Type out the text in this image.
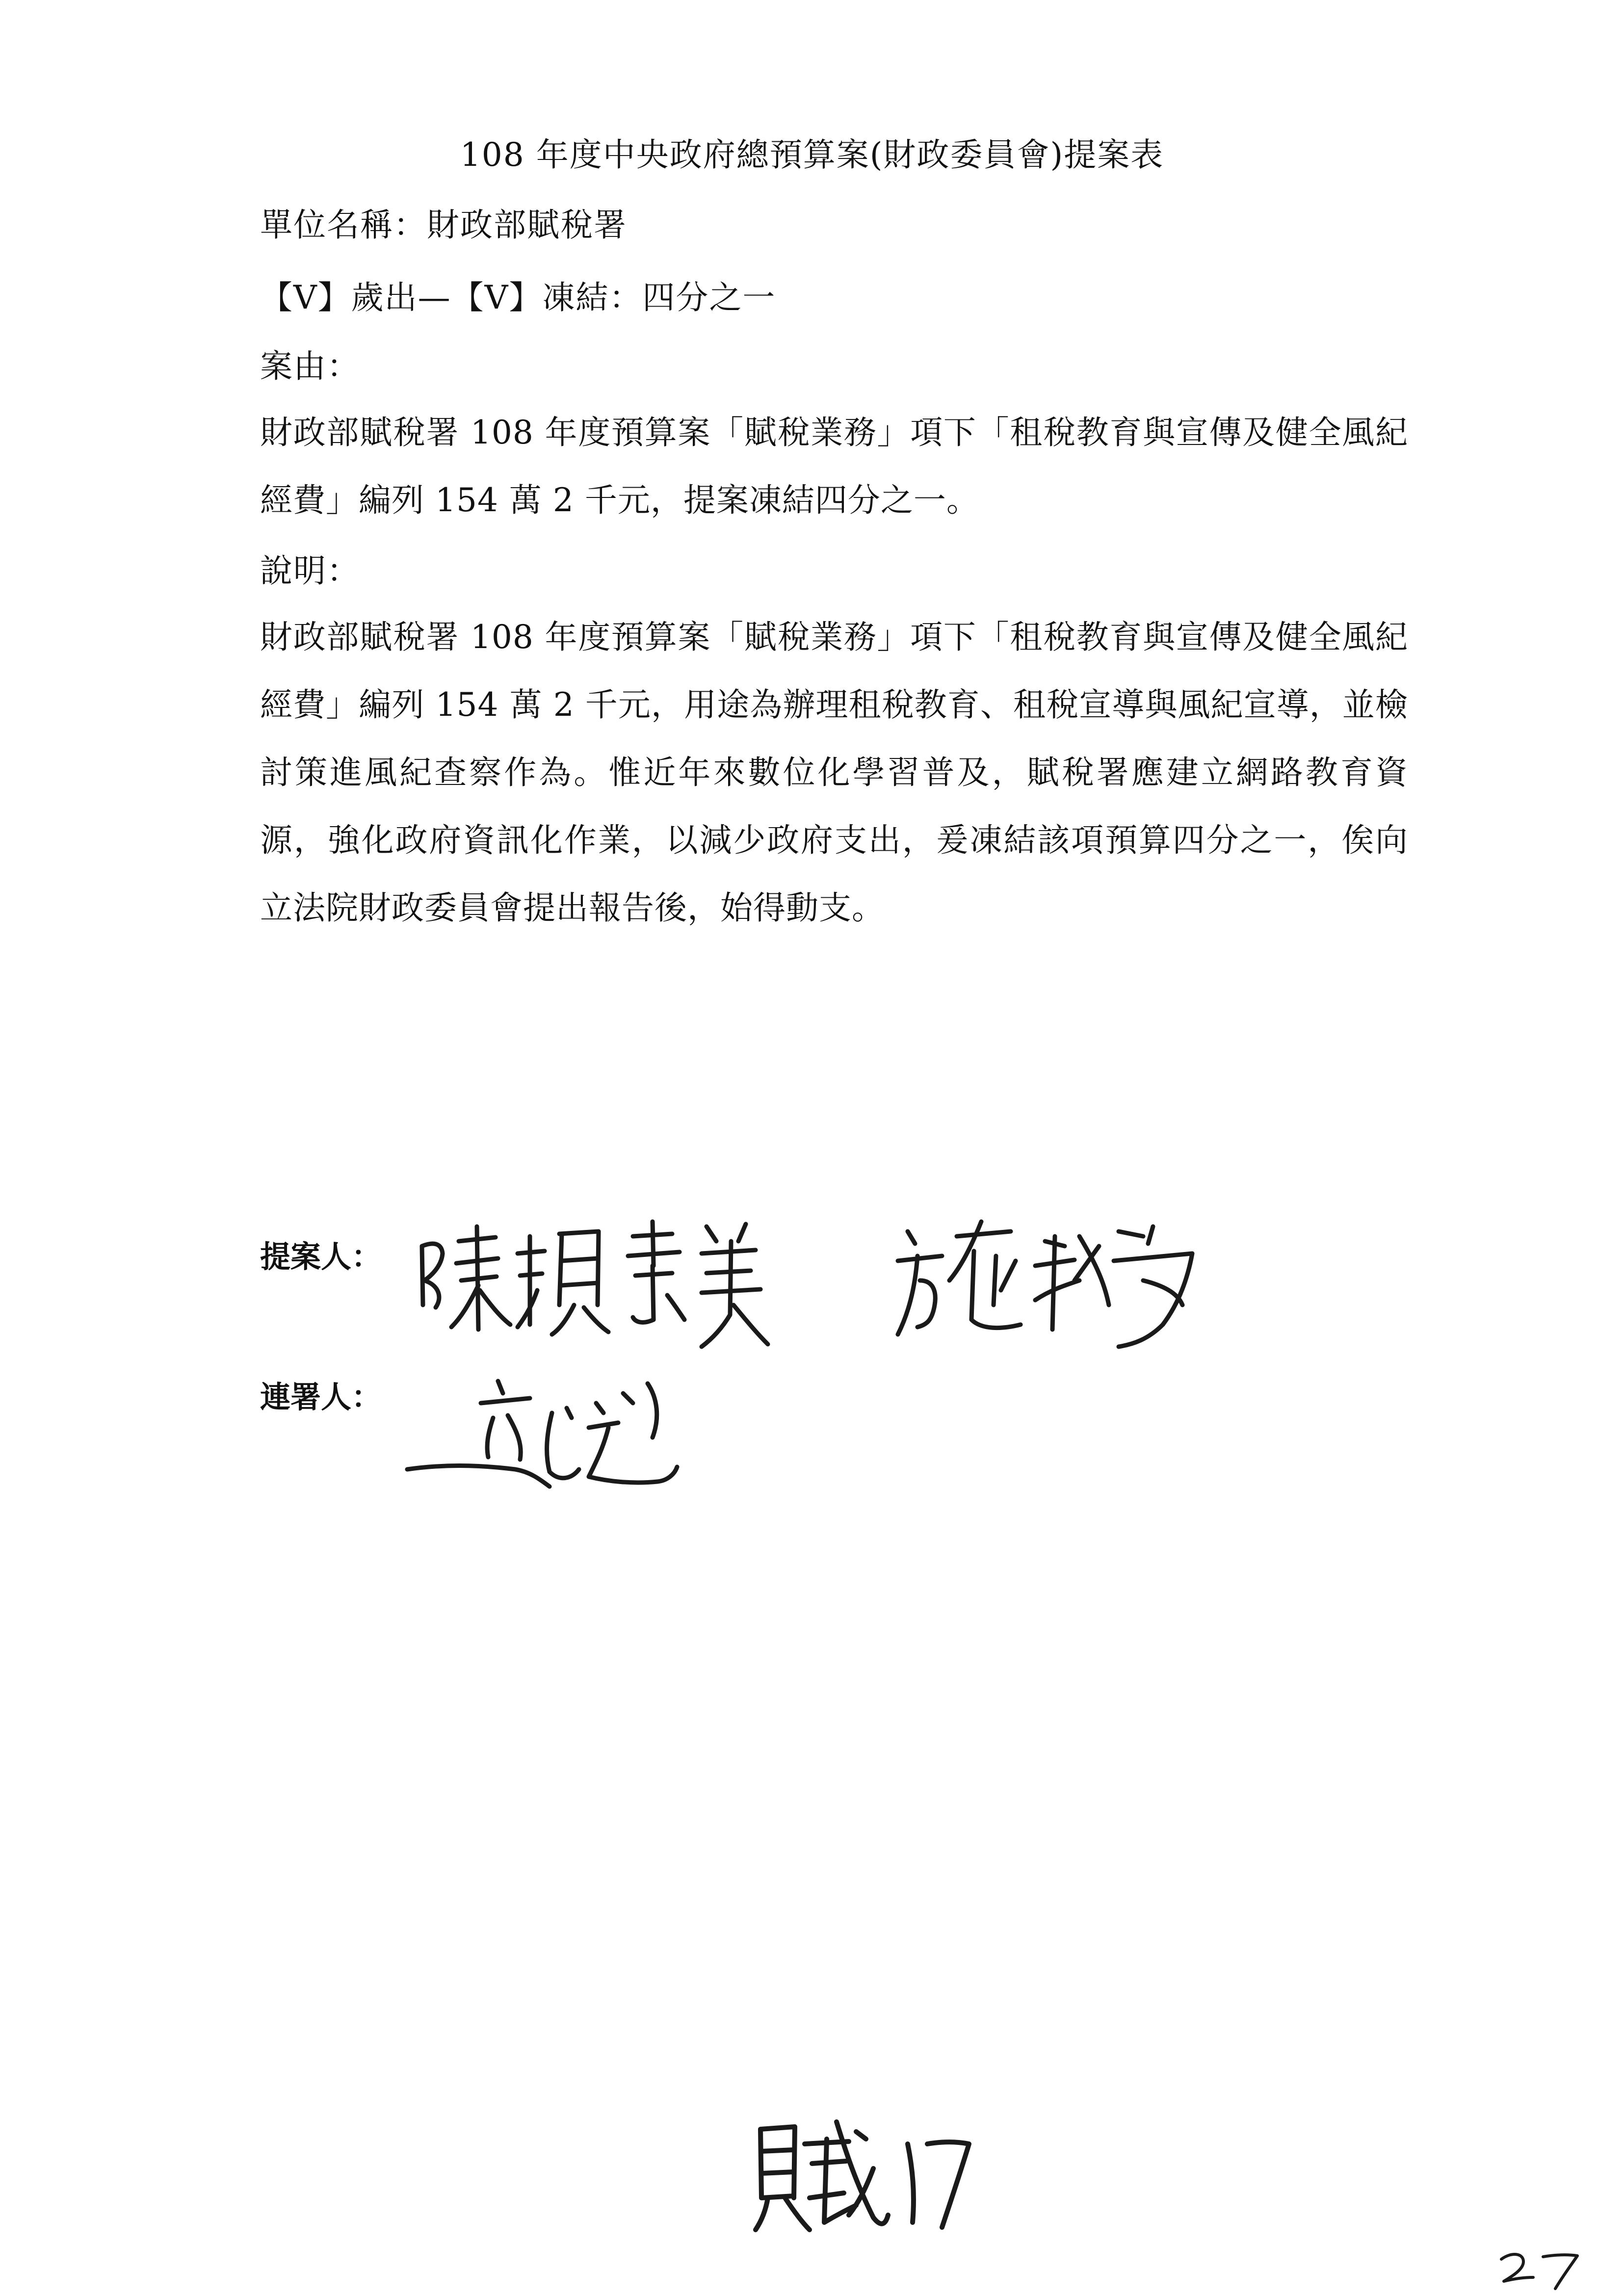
108 年度中央政府總預算案(財政委員會)提案表
單位名稱：財政部賦稅署
【V】歲出—【V】凍結：四分之一
案由：
財政部賦稅署 108 年度預算案「賦稅業務」項下「租稅教育與宣傳及健全風紀經費」編列 154 萬 2 千元，提案凍結四分之一。
說明：
財政部賦稅署 108 年度預算案「賦稅業務」項下「租稅教育與宣傳及健全風紀經費」編列 154 萬 2 千元，用途為辦理租稅教育、租稅宣導與風紀宣導，並檢討策進風紀查察作為。惟近年來數位化學習普及，賦稅署應建立網路教育資源，強化政府資訊化作業，以減少政府支出，爰凍結該項預算四分之一，俟向立法院財政委員會提出報告後，始得動支。
提案人：
連署人：
